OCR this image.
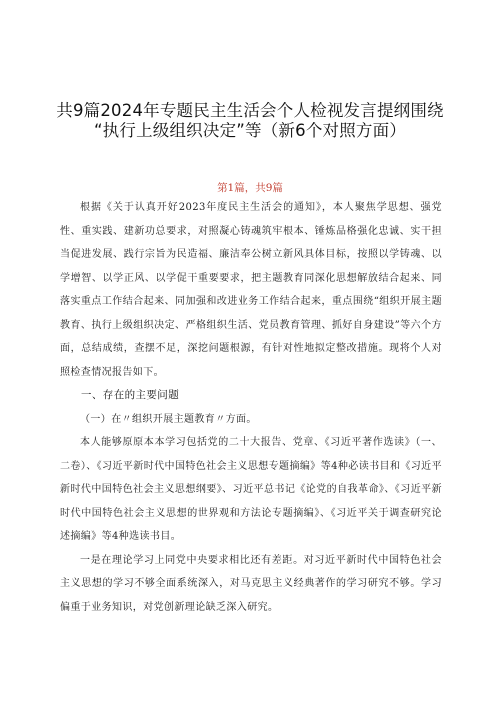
共9篇2024年专题民主生活会个人检视发言提纲围绕
“执行上级组织决定”等（新6个对照方面）
第1篇，共9篇

根据《关于认真开好2023年度民主生活会的通知》，本人聚焦学思想、强党性、重实践、建新功总要求，对照凝心铸魂筑牢根本、锤炼品格强化忠诚、实干担当促进发展、践行宗旨为民造福、廉洁奉公树立新风具体目标，按照以学铸魂、以学增智、以学正风、以学促干重要要求，把主题教育同深化思想解放结合起来、同落实重点工作结合起来、同加强和改进业务工作结合起来，重点围绕“组织开展主题教育、执行上级组织决定、严格组织生活、党员教育管理、抓好自身建设”等六个方面，总结成绩，查摆不足，深挖问题根源，有针对性地拟定整改措施。现将个人对照检查情况报告如下。

一、存在的主要问题

（一）在〃组织开展主题教育〃方面。

本人能够原原本本学习包括党的二十大报告、党章、《习近平著作选读》（一、二卷）、《习近平新时代中国特色社会主义思想专题摘编》等4种必读书目和《习近平新时代中国特色社会主义思想纲要》、习近平总书记《论党的自我革命》、《习近平新时代中国特色社会主义思想的世界观和方法论专题摘编》、《习近平关于调查研究论述摘编》等4种选读书目。

一是在理论学习上同党中央要求相比还有差距。对习近平新时代中国特色社会主义思想的学习不够全面系统深入，对马克思主义经典著作的学习研究不够。学习偏重于业务知识，对党创新理论缺乏深入研究。
